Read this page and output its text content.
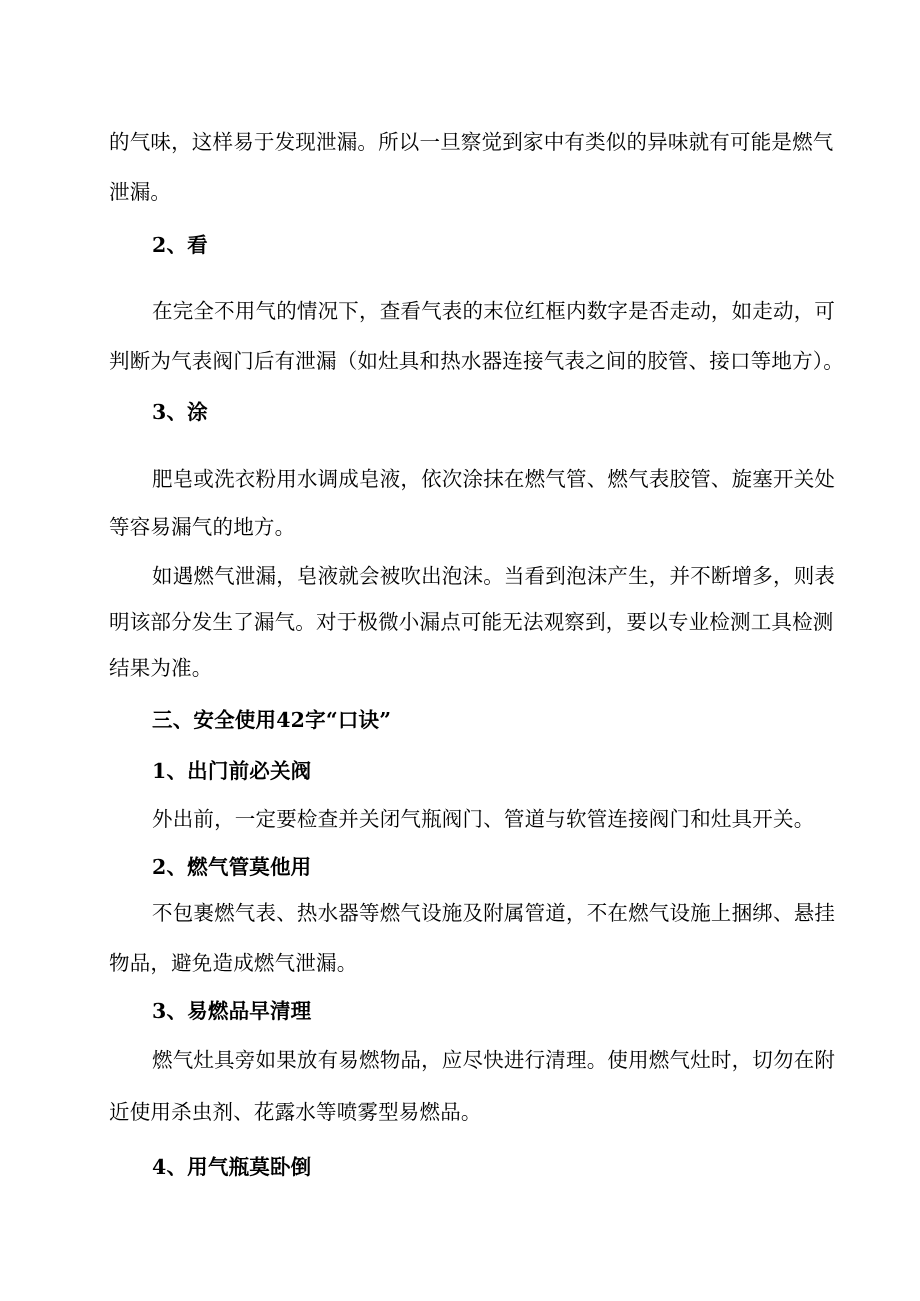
的气味，这样易于发现泄漏。所以一旦察觉到家中有类似的异味就有可能是燃气
泄漏。
2、看
在完全不用气的情况下，查看气表的末位红框内数字是否走动，如走动，可
判断为气表阀门后有泄漏（如灶具和热水器连接气表之间的胶管、接口等地方）。
3、涂
肥皂或洗衣粉用水调成皂液，依次涂抹在燃气管、燃气表胶管、旋塞开关处
等容易漏气的地方。
如遇燃气泄漏，皂液就会被吹出泡沫。当看到泡沫产生，并不断增多，则表
明该部分发生了漏气。对于极微小漏点可能无法观察到，要以专业检测工具检测
结果为准。
三、安全使用42字“口诀”
1、出门前必关阀
外出前，一定要检查并关闭气瓶阀门、管道与软管连接阀门和灶具开关。
2、燃气管莫他用
不包裹燃气表、热水器等燃气设施及附属管道，不在燃气设施上捆绑、悬挂
物品，避免造成燃气泄漏。
3、易燃品早清理
燃气灶具旁如果放有易燃物品，应尽快进行清理。使用燃气灶时，切勿在附
近使用杀虫剂、花露水等喷雾型易燃品。
4、用气瓶莫卧倒
